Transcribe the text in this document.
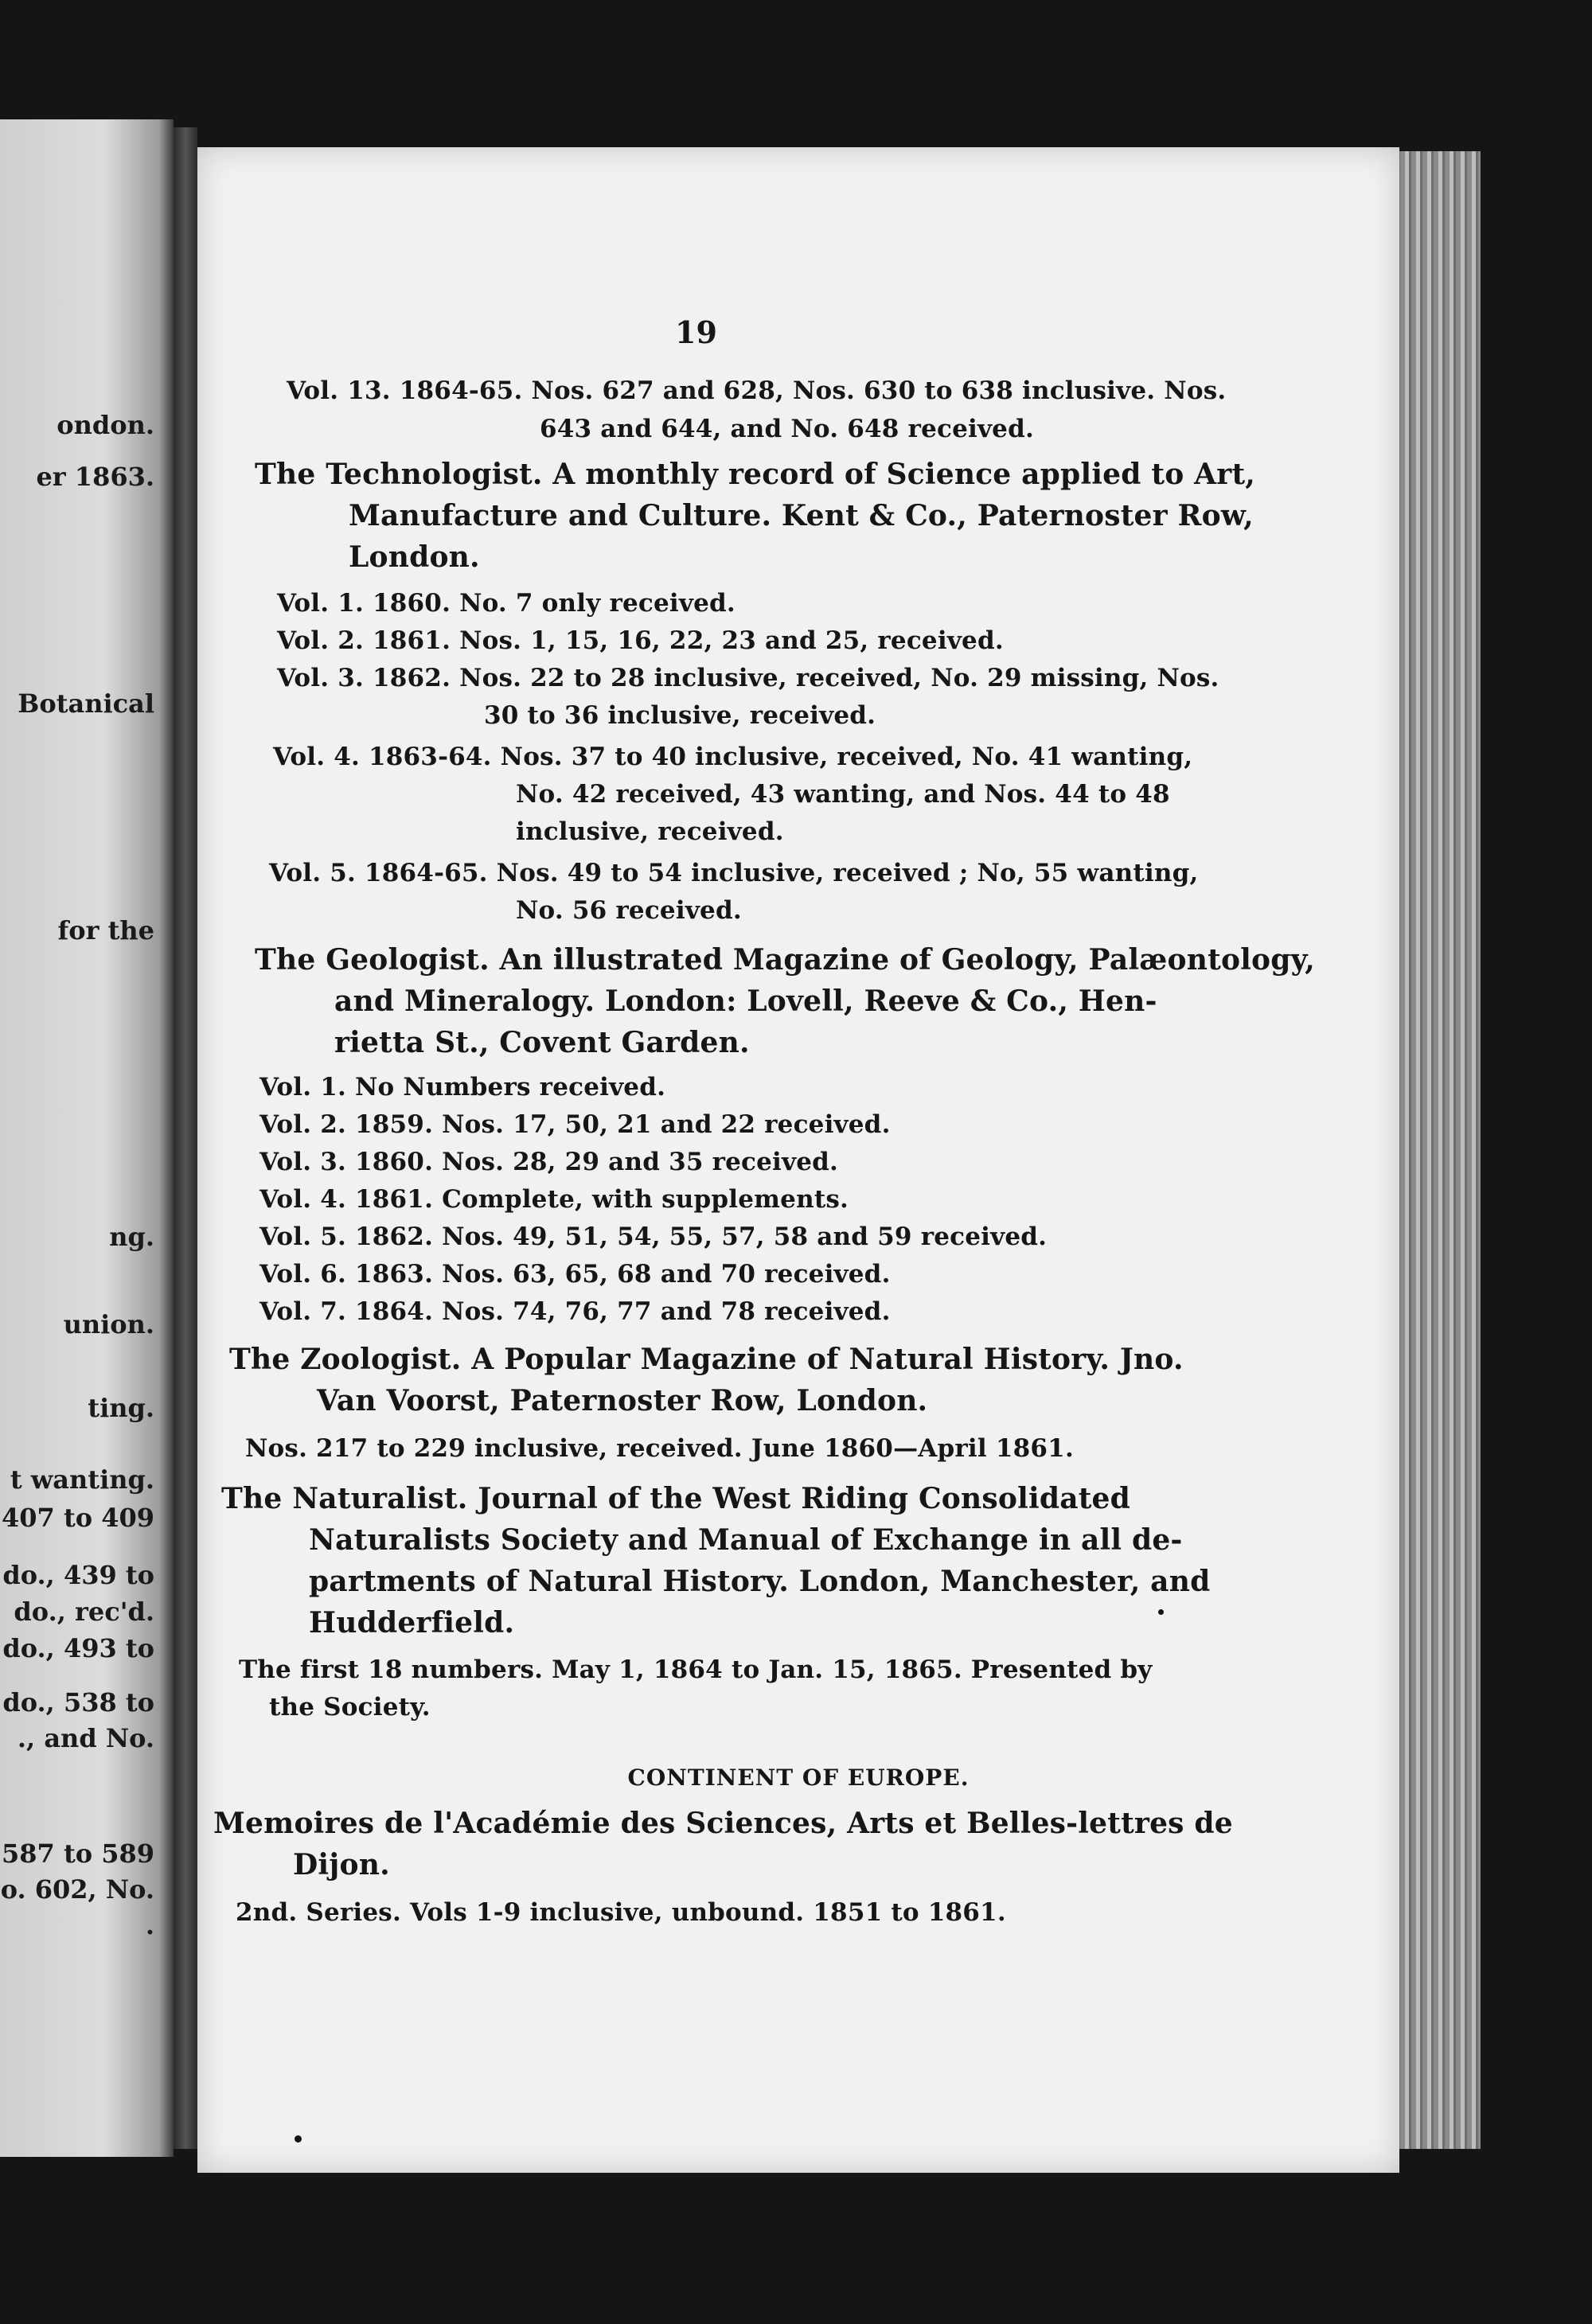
ondon.
er 1863.
Botanical
for the
ng.
union.
ting.
t wanting.
407 to 409
do., 439 to
do., rec'd.
do., 493 to
do., 538 to
., and No.
587 to 589
o. 602, No.
.
19
Vol. 13. 1864-65. Nos. 627 and 628, Nos. 630 to 638 inclusive. Nos.
643 and 644, and No. 648 received.
The Technologist. A monthly record of Science applied to Art,
Manufacture and Culture. Kent & Co., Paternoster Row,
London.
Vol. 1. 1860. No. 7 only received.
Vol. 2. 1861. Nos. 1, 15, 16, 22, 23 and 25, received.
Vol. 3. 1862. Nos. 22 to 28 inclusive, received, No. 29 missing, Nos.
30 to 36 inclusive, received.
Vol. 4. 1863-64. Nos. 37 to 40 inclusive, received, No. 41 wanting,
No. 42 received, 43 wanting, and Nos. 44 to 48
inclusive, received.
Vol. 5. 1864-65. Nos. 49 to 54 inclusive, received ; No, 55 wanting,
No. 56 received.
The Geologist. An illustrated Magazine of Geology, Palæontology,
and Mineralogy. London: Lovell, Reeve & Co., Hen-
rietta St., Covent Garden.
Vol. 1. No Numbers received.
Vol. 2. 1859. Nos. 17, 50, 21 and 22 received.
Vol. 3. 1860. Nos. 28, 29 and 35 received.
Vol. 4. 1861. Complete, with supplements.
Vol. 5. 1862. Nos. 49, 51, 54, 55, 57, 58 and 59 received.
Vol. 6. 1863. Nos. 63, 65, 68 and 70 received.
Vol. 7. 1864. Nos. 74, 76, 77 and 78 received.
The Zoologist. A Popular Magazine of Natural History. Jno.
Van Voorst, Paternoster Row, London.
Nos. 217 to 229 inclusive, received. June 1860—April 1861.
The Naturalist. Journal of the West Riding Consolidated
Naturalists Society and Manual of Exchange in all de-
partments of Natural History. London, Manchester, and
Hudderfield.
The first 18 numbers. May 1, 1864 to Jan. 15, 1865. Presented by
the Society.
CONTINENT OF EUROPE.
Memoires de l'Académie des Sciences, Arts et Belles-lettres de
Dijon.
2nd. Series. Vols 1-9 inclusive, unbound. 1851 to 1861.
